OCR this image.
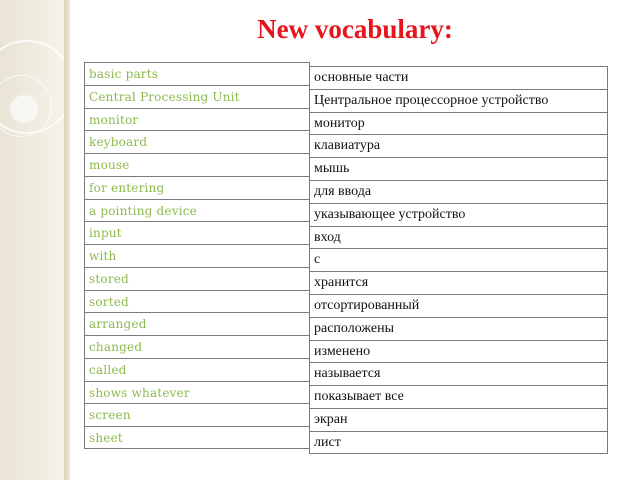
New vocabulary:
basic parts
Central Processing Unit
monitor
keyboard
mouse
for entering
a pointing device
input
with
stored
sorted
arranged
changed
called
shows whatever
screen
sheet
основные части
Центральное процессорное устройство
монитор
клавиатура
мышь
для ввода
указывающее устройство
вход
с
хранится
отсортированный
расположены
изменено
называется
показывает все
экран
лист
